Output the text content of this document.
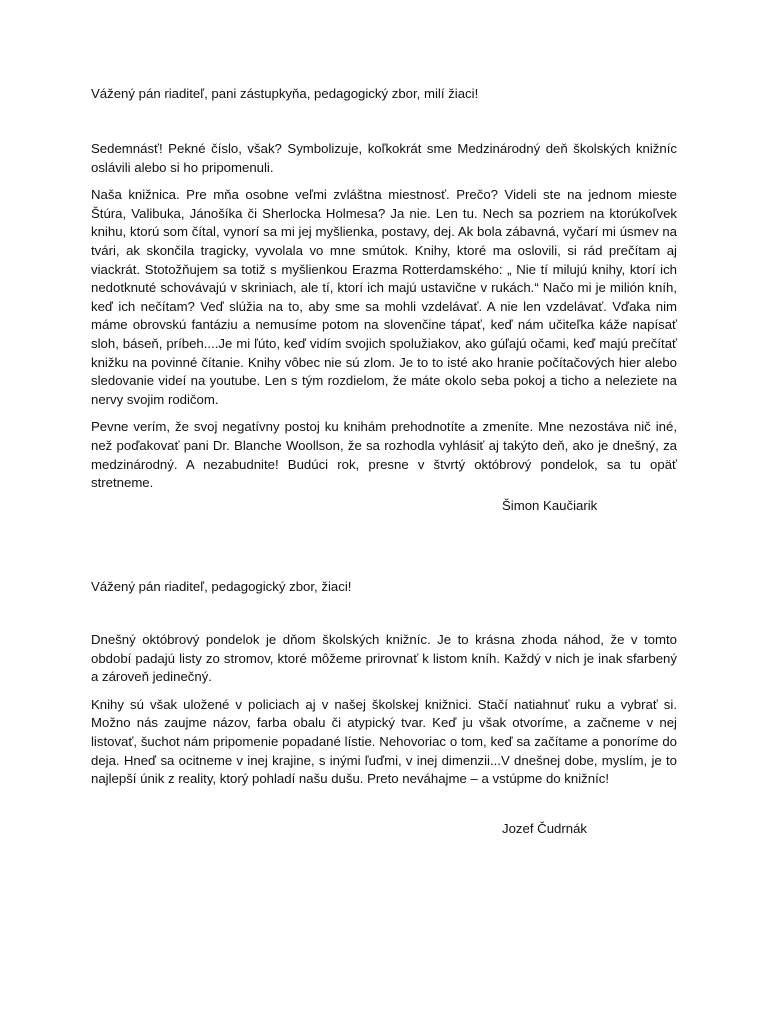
Vážený pán riaditeľ, pani zástupkyňa, pedagogický zbor, milí žiaci!

Sedemnásť! Pekné číslo, však? Symbolizuje, koľkokrát sme Medzinárodný deň školských knižníc oslávili alebo si ho pripomenuli.

Naša knižnica. Pre mňa osobne veľmi zvláštna miestnosť. Prečo? Videli ste na jednom mieste Štúra, Valibuka, Jánošíka či Sherlocka Holmesa? Ja nie. Len tu. Nech sa pozriem na ktorúkoľvek knihu, ktorú som čítal, vynorí sa mi jej myšlienka, postavy, dej. Ak bola zábavná, vyčarí mi úsmev na tvári, ak skončila tragicky, vyvolala vo mne smútok. Knihy, ktoré ma oslovili, si rád prečítam aj viackrát. Stotožňujem sa totiž s myšlienkou Erazma Rotterdamského: „ Nie tí milujú knihy, ktorí ich nedotknuté schovávajú v skriniach, ale tí, ktorí ich majú ustavične v rukách.“ Načo mi je milión kníh, keď ich nečítam? Veď slúžia na to, aby sme sa mohli vzdelávať. A nie len vzdelávať. Vďaka nim máme obrovskú fantáziu a nemusíme potom na slovenčine tápať, keď nám učiteľka káže napísať sloh, báseň, príbeh....Je mi ľúto, keď vidím svojich spolužiakov, ako gúľajú očami, keď majú prečítať knižku na povinné čítanie. Knihy vôbec nie sú zlom. Je to to isté ako hranie počítačových hier alebo sledovanie videí na youtube. Len s tým rozdielom, že máte okolo seba pokoj a ticho a neleziete na nervy svojim rodičom.

Pevne verím, že svoj negatívny postoj ku knihám prehodnotíte a zmeníte. Mne nezostáva nič iné, než poďakovať pani Dr. Blanche Woollson, že sa rozhodla vyhlásiť aj takýto deň, ako je dnešný, za medzinárodný. A nezabudnite! Budúci rok, presne v štvrtý októbrový pondelok, sa tu opäť stretneme.

Šimon Kaučiarik

Vážený pán riaditeľ, pedagogický zbor, žiaci!

Dnešný októbrový pondelok je dňom školských knižníc. Je to krásna zhoda náhod, že v tomto období padajú listy zo stromov, ktoré môžeme prirovnať k listom kníh. Každý v nich je inak sfarbený a zároveň jedinečný.

Knihy sú však uložené v policiach aj v našej školskej knižnici. Stačí natiahnuť ruku a vybrať si. Možno nás zaujme názov, farba obalu či atypický tvar. Keď ju však otvoríme, a začneme v nej listovať, šuchot nám pripomenie popadané lístie. Nehovoriac o tom, keď sa začítame a ponoríme do deja. Hneď sa ocitneme v inej krajine, s inými ľuďmi, v inej dimenzii...V dnešnej dobe, myslím, je to najlepší únik z reality, ktorý pohladí našu dušu. Preto neváhajme – a vstúpme do knižníc!

Jozef Čudrnák
